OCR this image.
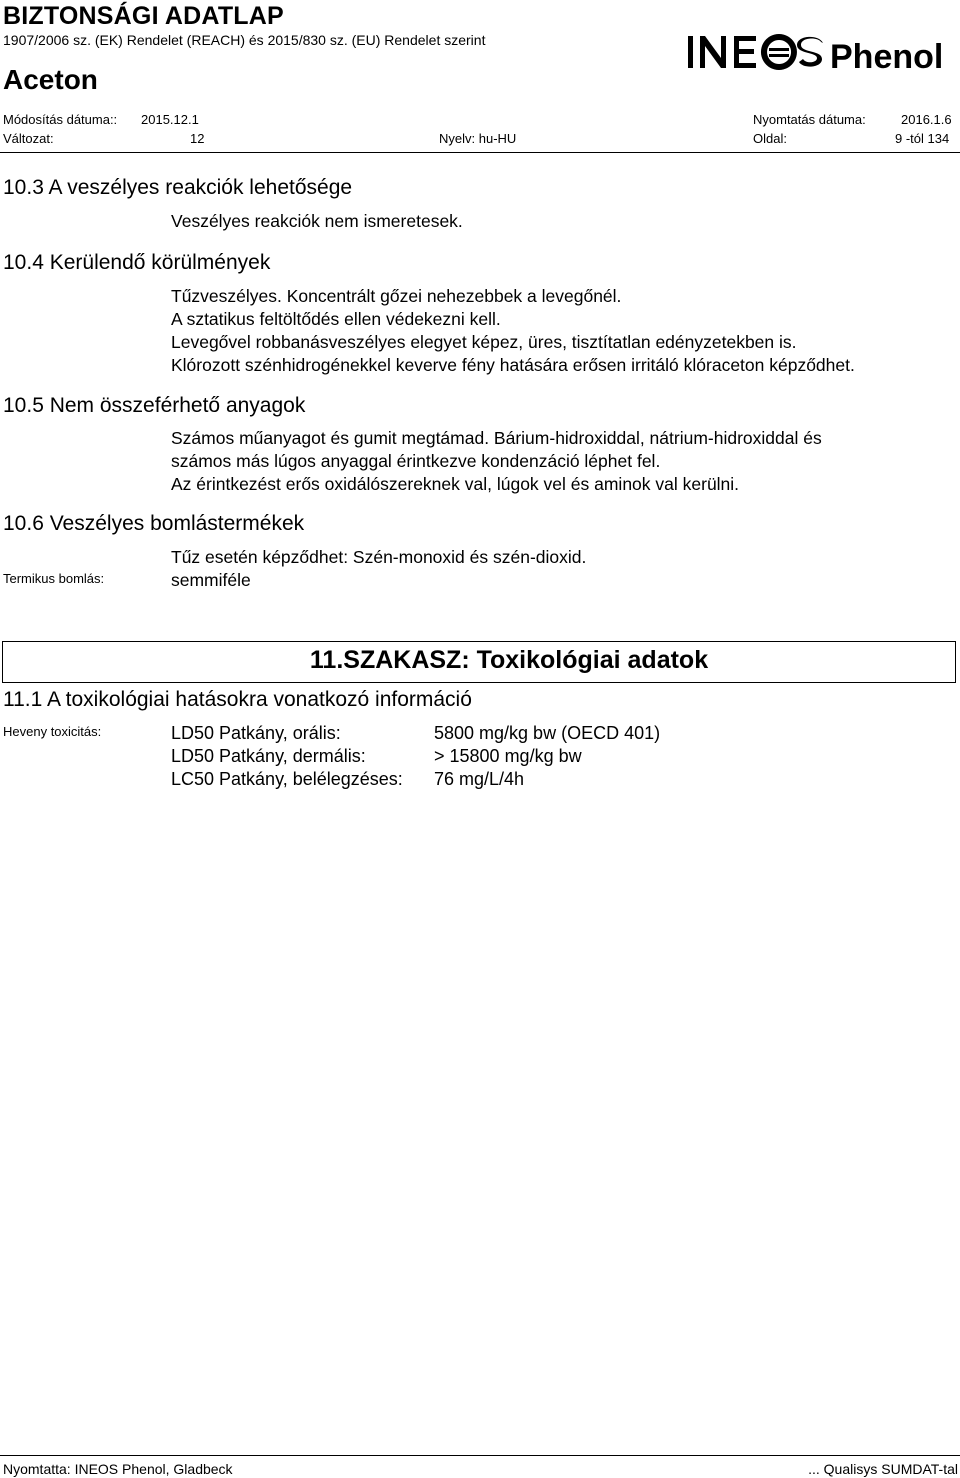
BIZTONSÁGI ADATLAP
1907/2006 sz. (EK) Rendelet (REACH) és 2015/830 sz. (EU) Rendelet szerint
Aceton
Phenol
Módosítás dátuma:: 2015.12.1	Nyomtatás dátuma:	2016.1.6
Változat:	12	Nyelv: hu-HU	Oldal:	9 -tól 134
10.3 A veszélyes reakciók lehetősége
Veszélyes reakciók nem ismeretesek.
10.4 Kerülendő körülmények
Tűzveszélyes. Koncentrált gőzei nehezebbek a levegőnél.
A sztatikus feltöltődés ellen védekezni kell.
Levegővel robbanásveszélyes elegyet képez, üres, tisztítatlan edényzetekben is.
Klórozott szénhidrogénekkel keverve fény hatására erősen irritáló klóraceton képződhet.
10.5 Nem összeférhető anyagok
Számos műanyagot és gumit megtámad. Bárium-hidroxiddal, nátrium-hidroxiddal és
számos más lúgos anyaggal érintkezve kondenzáció léphet fel.
Az érintkezést erős oxidálószereknek val, lúgok vel és aminok val kerülni.
10.6 Veszélyes bomlástermékek
Tűz esetén képződhet: Szén-monoxid és szén-dioxid.
Termikus bomlás:	semmiféle
11.SZAKASZ: Toxikológiai adatok
11.1 A toxikológiai hatásokra vonatkozó információ
Heveny toxicitás:	LD50 Patkány, orális:	5800 mg/kg bw (OECD 401)
LD50 Patkány, dermális:	> 15800 mg/kg bw
LC50 Patkány, belélegzéses: 76 mg/L/4h
Nyomtatta: INEOS Phenol, Gladbeck	... Qualisys SUMDAT-tal
